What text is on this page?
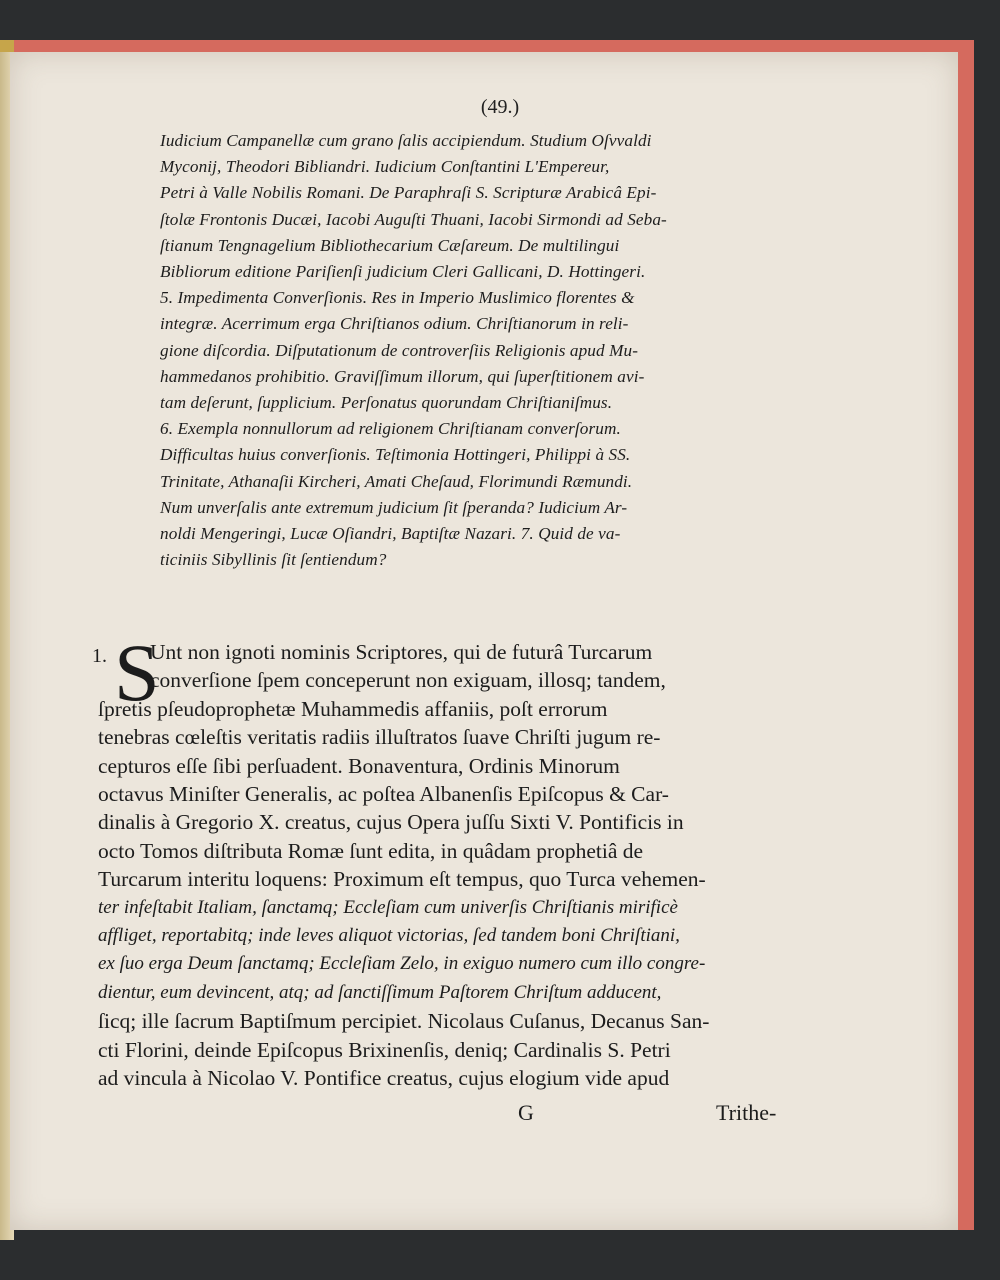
(49.)
Iudicium Campanellæ cum grano ſalis accipiendum. Studium Oſvvaldi
Myconij, Theodori Bibliandri. Iudicium Conſtantini L'Empereur,
Petri à Valle Nobilis Romani. De Paraphraſi S. Scripturæ Arabicâ Epi-
ſtolæ Frontonis Ducæi, Iacobi Auguſti Thuani, Iacobi Sirmondi ad Seba-
ſtianum Tengnagelium Bibliothecarium Cæſareum. De multilingui
Bibliorum editione Pariſienſi judicium Cleri Gallicani, D. Hottingeri.
5. Impedimenta Converſionis. Res in Imperio Muslimico florentes &
integræ. Acerrimum erga Chriſtianos odium. Chriſtianorum in reli-
gione diſcordia. Diſputationum de controverſiis Religionis apud Mu-
hammedanos prohibitio. Graviſſimum illorum, qui ſuperſtitionem avi-
tam deſerunt, ſupplicium. Perſonatus quorundam Chriſtianiſmus.
6. Exempla nonnullorum ad religionem Chriſtianam converſorum.
Difficultas huius converſionis. Teſtimonia Hottingeri, Philippi à SS.
Trinitate, Athanaſii Kircheri, Amati Cheſaud, Florimundi Ræmundi.
Num unverſalis ante extremum judicium ſit ſperanda? Iudicium Ar-
noldi Mengeringi, Lucæ Oſiandri, Baptiſtæ Nazari. 7. Quid de va-
ticiniis Sibyllinis ſit ſentiendum?
1. S
Unt non ignoti nominis Scriptores, qui de futurâ Turcarum
converſione ſpem conceperunt non exiguam, illosq; tandem,
ſpretis pſeudoprophetæ Muhammedis affaniis, poſt errorum
tenebras cœleſtis veritatis radiis illuſtratos ſuave Chriſti jugum re-
cepturos eſſe ſibi perſuadent. Bonaventura, Ordinis Minorum
octavus Miniſter Generalis, ac poſtea Albanenſis Epiſcopus & Car-
dinalis à Gregorio X. creatus, cujus Opera juſſu Sixti V. Pontificis in
octo Tomos diſtributa Romæ ſunt edita, in quâdam prophetiâ de
Turcarum interitu loquens: Proximum eſt tempus, quo Turca vehemen-
ter infeſtabit Italiam, ſanctamq; Eccleſiam cum univerſis Chriſtianis mirificè
affliget, reportabitq; inde leves aliquot victorias, ſed tandem boni Chriſtiani,
ex ſuo erga Deum ſanctamq; Eccleſiam Zelo, in exiguo numero cum illo congre-
dientur, eum devincent, atq; ad ſanctiſſimum Paſtorem Chriſtum adducent,
ſicq; ille ſacrum Baptiſmum percipiet. Nicolaus Cuſanus, Decanus San-
cti Florini, deinde Epiſcopus Brixinenſis, deniq; Cardinalis S. Petri
ad vincula à Nicolao V. Pontifice creatus, cujus elogium vide apud
G	Trithe-
